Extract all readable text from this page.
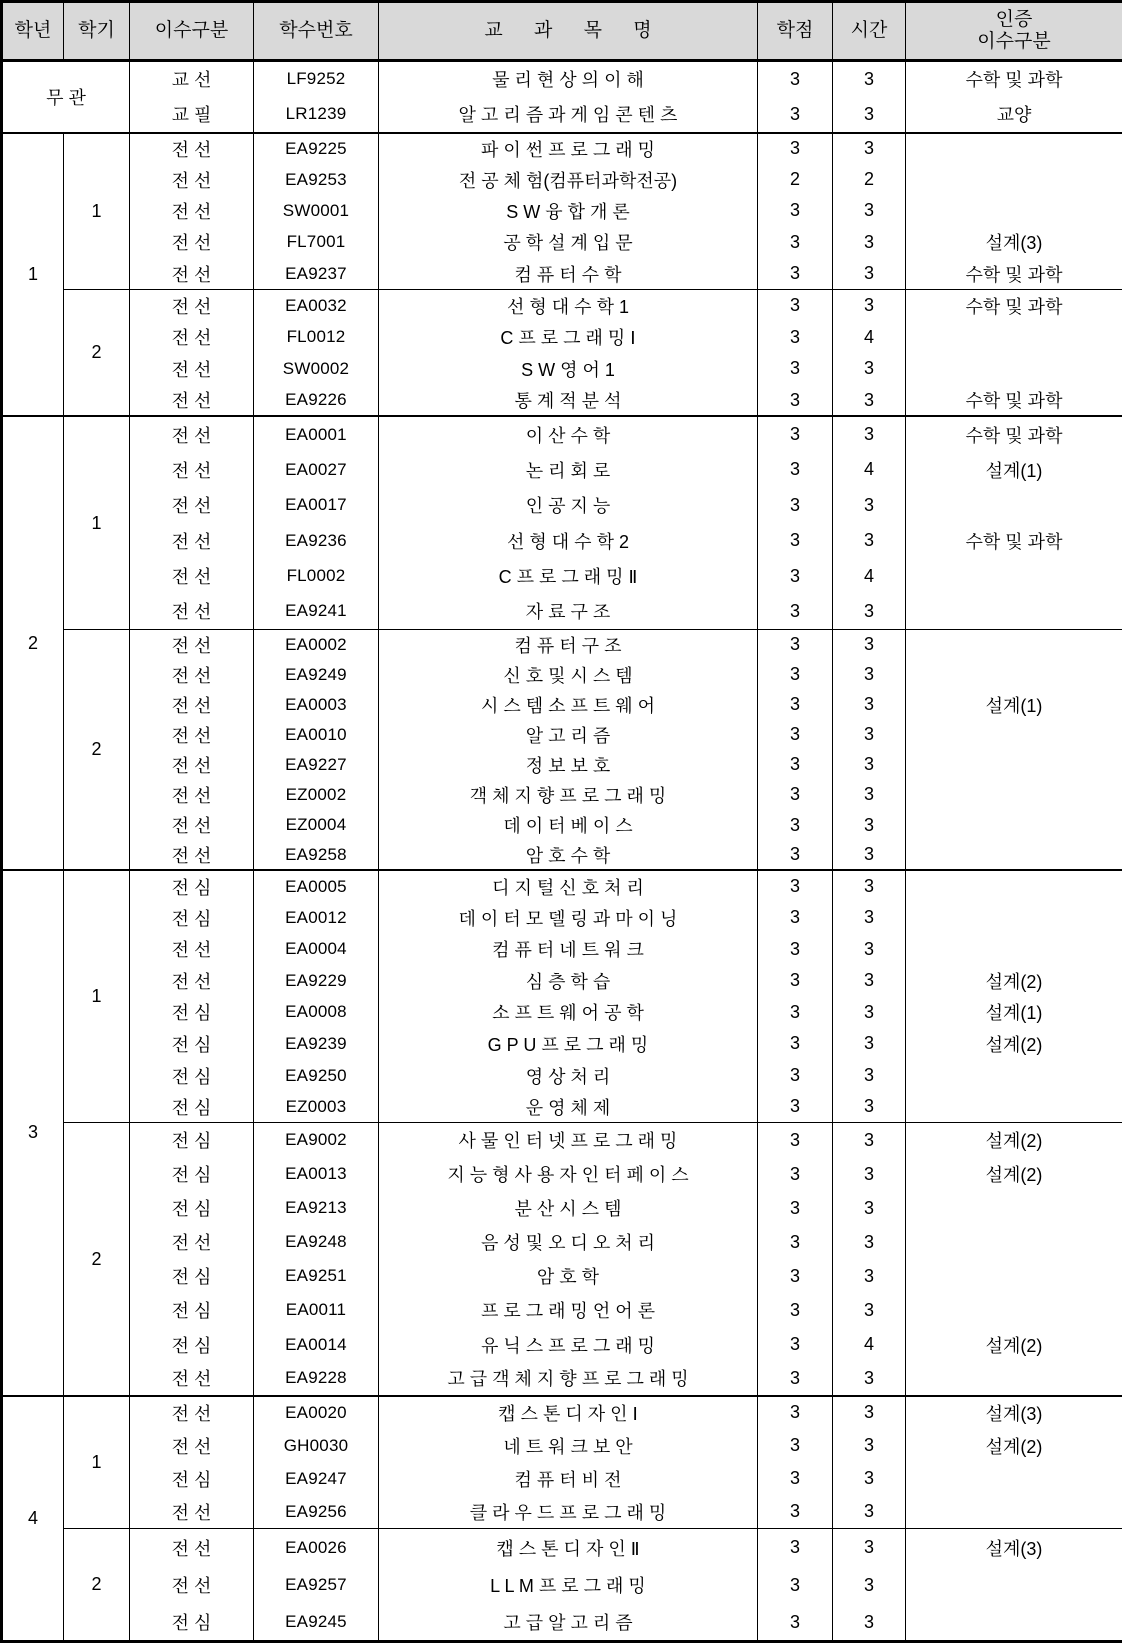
학년	학기	이수구분	학수번호	교 과 목 명	학점	시간	인증
이수구분

무 관		교 선	LF9252	물 리 현 상 의 이 해	3	3	수학 및 과학
		교 필	LR1239	알 고 리 즘 과 게 임 콘 텐 츠	3	3	교양
1	1	전 선	EA9225	파 이 썬 프 로 그 래 밍	3	3	
		전 선	EA9253	전 공 체 험(컴퓨터과학전공)	2	2	
		전 선	SW0001	S W 융 합 개 론	3	3	
		전 선	FL7001	공 학 설 계 입 문	3	3	설계(3)
		전 선	EA9237	컴 퓨 터 수 학	3	3	수학 및 과학
	2	전 선	EA0032	선 형 대 수 학 1	3	3	수학 및 과학
		전 선	FL0012	C 프 로 그 래 밍 Ⅰ	3	4	
		전 선	SW0002	S W 영 어 1	3	3	
		전 선	EA9226	통 계 적 분 석	3	3	수학 및 과학
2	1	전 선	EA0001	이 산 수 학	3	3	수학 및 과학
		전 선	EA0027	논 리 회 로	3	4	설계(1)
		전 선	EA0017	인 공 지 능	3	3	
		전 선	EA9236	선 형 대 수 학 2	3	3	수학 및 과학
		전 선	FL0002	C 프 로 그 래 밍 Ⅱ	3	4	
		전 선	EA9241	자 료 구 조	3	3	
	2	전 선	EA0002	컴 퓨 터 구 조	3	3	
		전 선	EA9249	신 호 및 시 스 템	3	3	
		전 선	EA0003	시 스 템 소 프 트 웨 어	3	3	설계(1)
		전 선	EA0010	알 고 리 즘	3	3	
		전 선	EA9227	정 보 보 호	3	3	
		전 선	EZ0002	객 체 지 향 프 로 그 래 밍	3	3	
		전 선	EZ0004	데 이 터 베 이 스	3	3	
		전 선	EA9258	암 호 수 학	3	3	
3	1	전 심	EA0005	디 지 털 신 호 처 리	3	3	
		전 심	EA0012	데 이 터 모 델 링 과 마 이 닝	3	3	
		전 선	EA0004	컴 퓨 터 네 트 워 크	3	3	
		전 선	EA9229	심 층 학 습	3	3	설계(2)
		전 심	EA0008	소 프 트 웨 어 공 학	3	3	설계(1)
		전 심	EA9239	G P U 프 로 그 래 밍	3	3	설계(2)
		전 심	EA9250	영 상 처 리	3	3	
		전 심	EZ0003	운 영 체 제	3	3	
	2	전 심	EA9002	사 물 인 터 넷 프 로 그 래 밍	3	3	설계(2)
		전 심	EA0013	지 능 형 사 용 자 인 터 페 이 스	3	3	설계(2)
		전 심	EA9213	분 산 시 스 템	3	3	
		전 선	EA9248	음 성 및 오 디 오 처 리	3	3	
		전 심	EA9251	암 호 학	3	3	
		전 심	EA0011	프 로 그 래 밍 언 어 론	3	3	
		전 심	EA0014	유 닉 스 프 로 그 래 밍	3	4	설계(2)
		전 선	EA9228	고 급 객 체 지 향 프 로 그 래 밍	3	3	
4	1	전 선	EA0020	캡 스 톤 디 자 인 Ⅰ	3	3	설계(3)
		전 선	GH0030	네 트 워 크 보 안	3	3	설계(2)
		전 심	EA9247	컴 퓨 터 비 전	3	3	
		전 선	EA9256	클 라 우 드 프 로 그 래 밍	3	3	
	2	전 선	EA0026	캡 스 톤 디 자 인 Ⅱ	3	3	설계(3)
		전 선	EA9257	L L M 프 로 그 래 밍	3	3	
		전 심	EA9245	고 급 알 고 리 즘	3	3	
